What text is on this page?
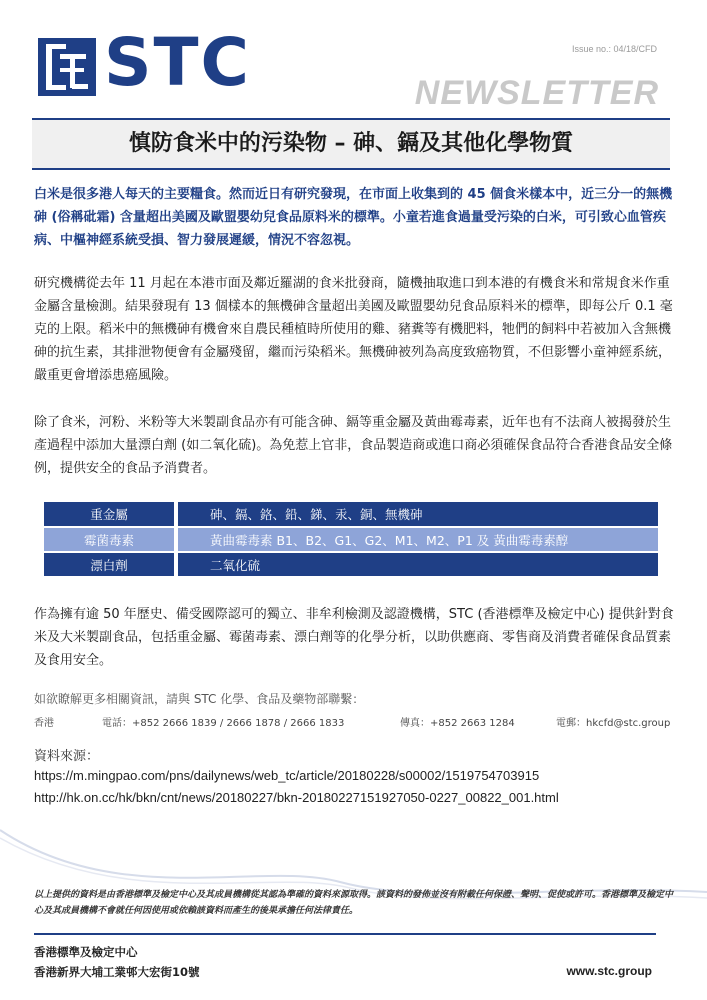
STC	Issue no.: 04/18/CFD
NEWSLETTER
慎防食米中的污染物 – 砷、鎘及其他化學物質
白米是很多港人每天的主要糧食。然而近日有研究發現，在市面上收集到的 45 個食米樣本中，近三分一的無機砷 (俗稱砒霜) 含量超出美國及歐盟嬰幼兒食品原料米的標準。小童若進食過量受污染的白米，可引致心血管疾病、中樞神經系統受損、智力發展遲緩，情況不容忽視。
研究機構從去年 11 月起在本港市面及鄰近羅湖的食米批發商，隨機抽取進口到本港的有機食米和常規食米作重金屬含量檢測。結果發現有 13 個樣本的無機砷含量超出美國及歐盟嬰幼兒食品原料米的標準，即每公斤 0.1 毫克的上限。稻米中的無機砷有機會來自農民種植時所使用的雞、豬糞等有機肥料，牠們的飼料中若被加入含無機砷的抗生素，其排泄物便會有金屬殘留，繼而污染稻米。無機砷被列為高度致癌物質，不但影響小童神經系統，嚴重更會增添患癌風險。
除了食米，河粉、米粉等大米製副食品亦有可能含砷、鎘等重金屬及黃曲霉毒素，近年也有不法商人被揭發於生產過程中添加大量漂白劑 (如二氧化硫)。為免惹上官非，食品製造商或進口商必須確保食品符合香港食品安全條例，提供安全的食品予消費者。
重金屬	砷、鎘、鉻、鉛、銻、汞、銅、無機砷
霉菌毒素	黃曲霉毒素 B1、B2、G1、G2、M1、M2、P1 及 黃曲霉毒素醇
漂白劑	二氧化硫
作為擁有逾 50 年歷史、備受國際認可的獨立、非牟利檢測及認證機構，STC (香港標準及檢定中心) 提供針對食米及大米製副食品，包括重金屬、霉菌毒素、漂白劑等的化學分析，以助供應商、零售商及消費者確保食品質素及食用安全。
如欲瞭解更多相關資訊，請與 STC 化學、食品及藥物部聯繫：
香港	電話：+852 2666 1839 / 2666 1878 / 2666 1833	傳真：+852 2663 1284	電郵：hkcfd@stc.group
資料來源：
https://m.mingpao.com/pns/dailynews/web_tc/article/20180228/s00002/1519754703915
http://hk.on.cc/hk/bkn/cnt/news/20180227/bkn-20180227151927050-0227_00822_001.html
以上提供的資料是由香港標準及檢定中心及其成員機構從其認為準確的資料來源取得。該資料的發佈並沒有附載任何保證、聲明、促使或許可。香港標準及檢定中心及其成員機構不會就任何因使用或依賴該資料而產生的後果承擔任何法律責任。
香港標準及檢定中心
香港新界大埔工業邨大宏街10號	www.stc.group
